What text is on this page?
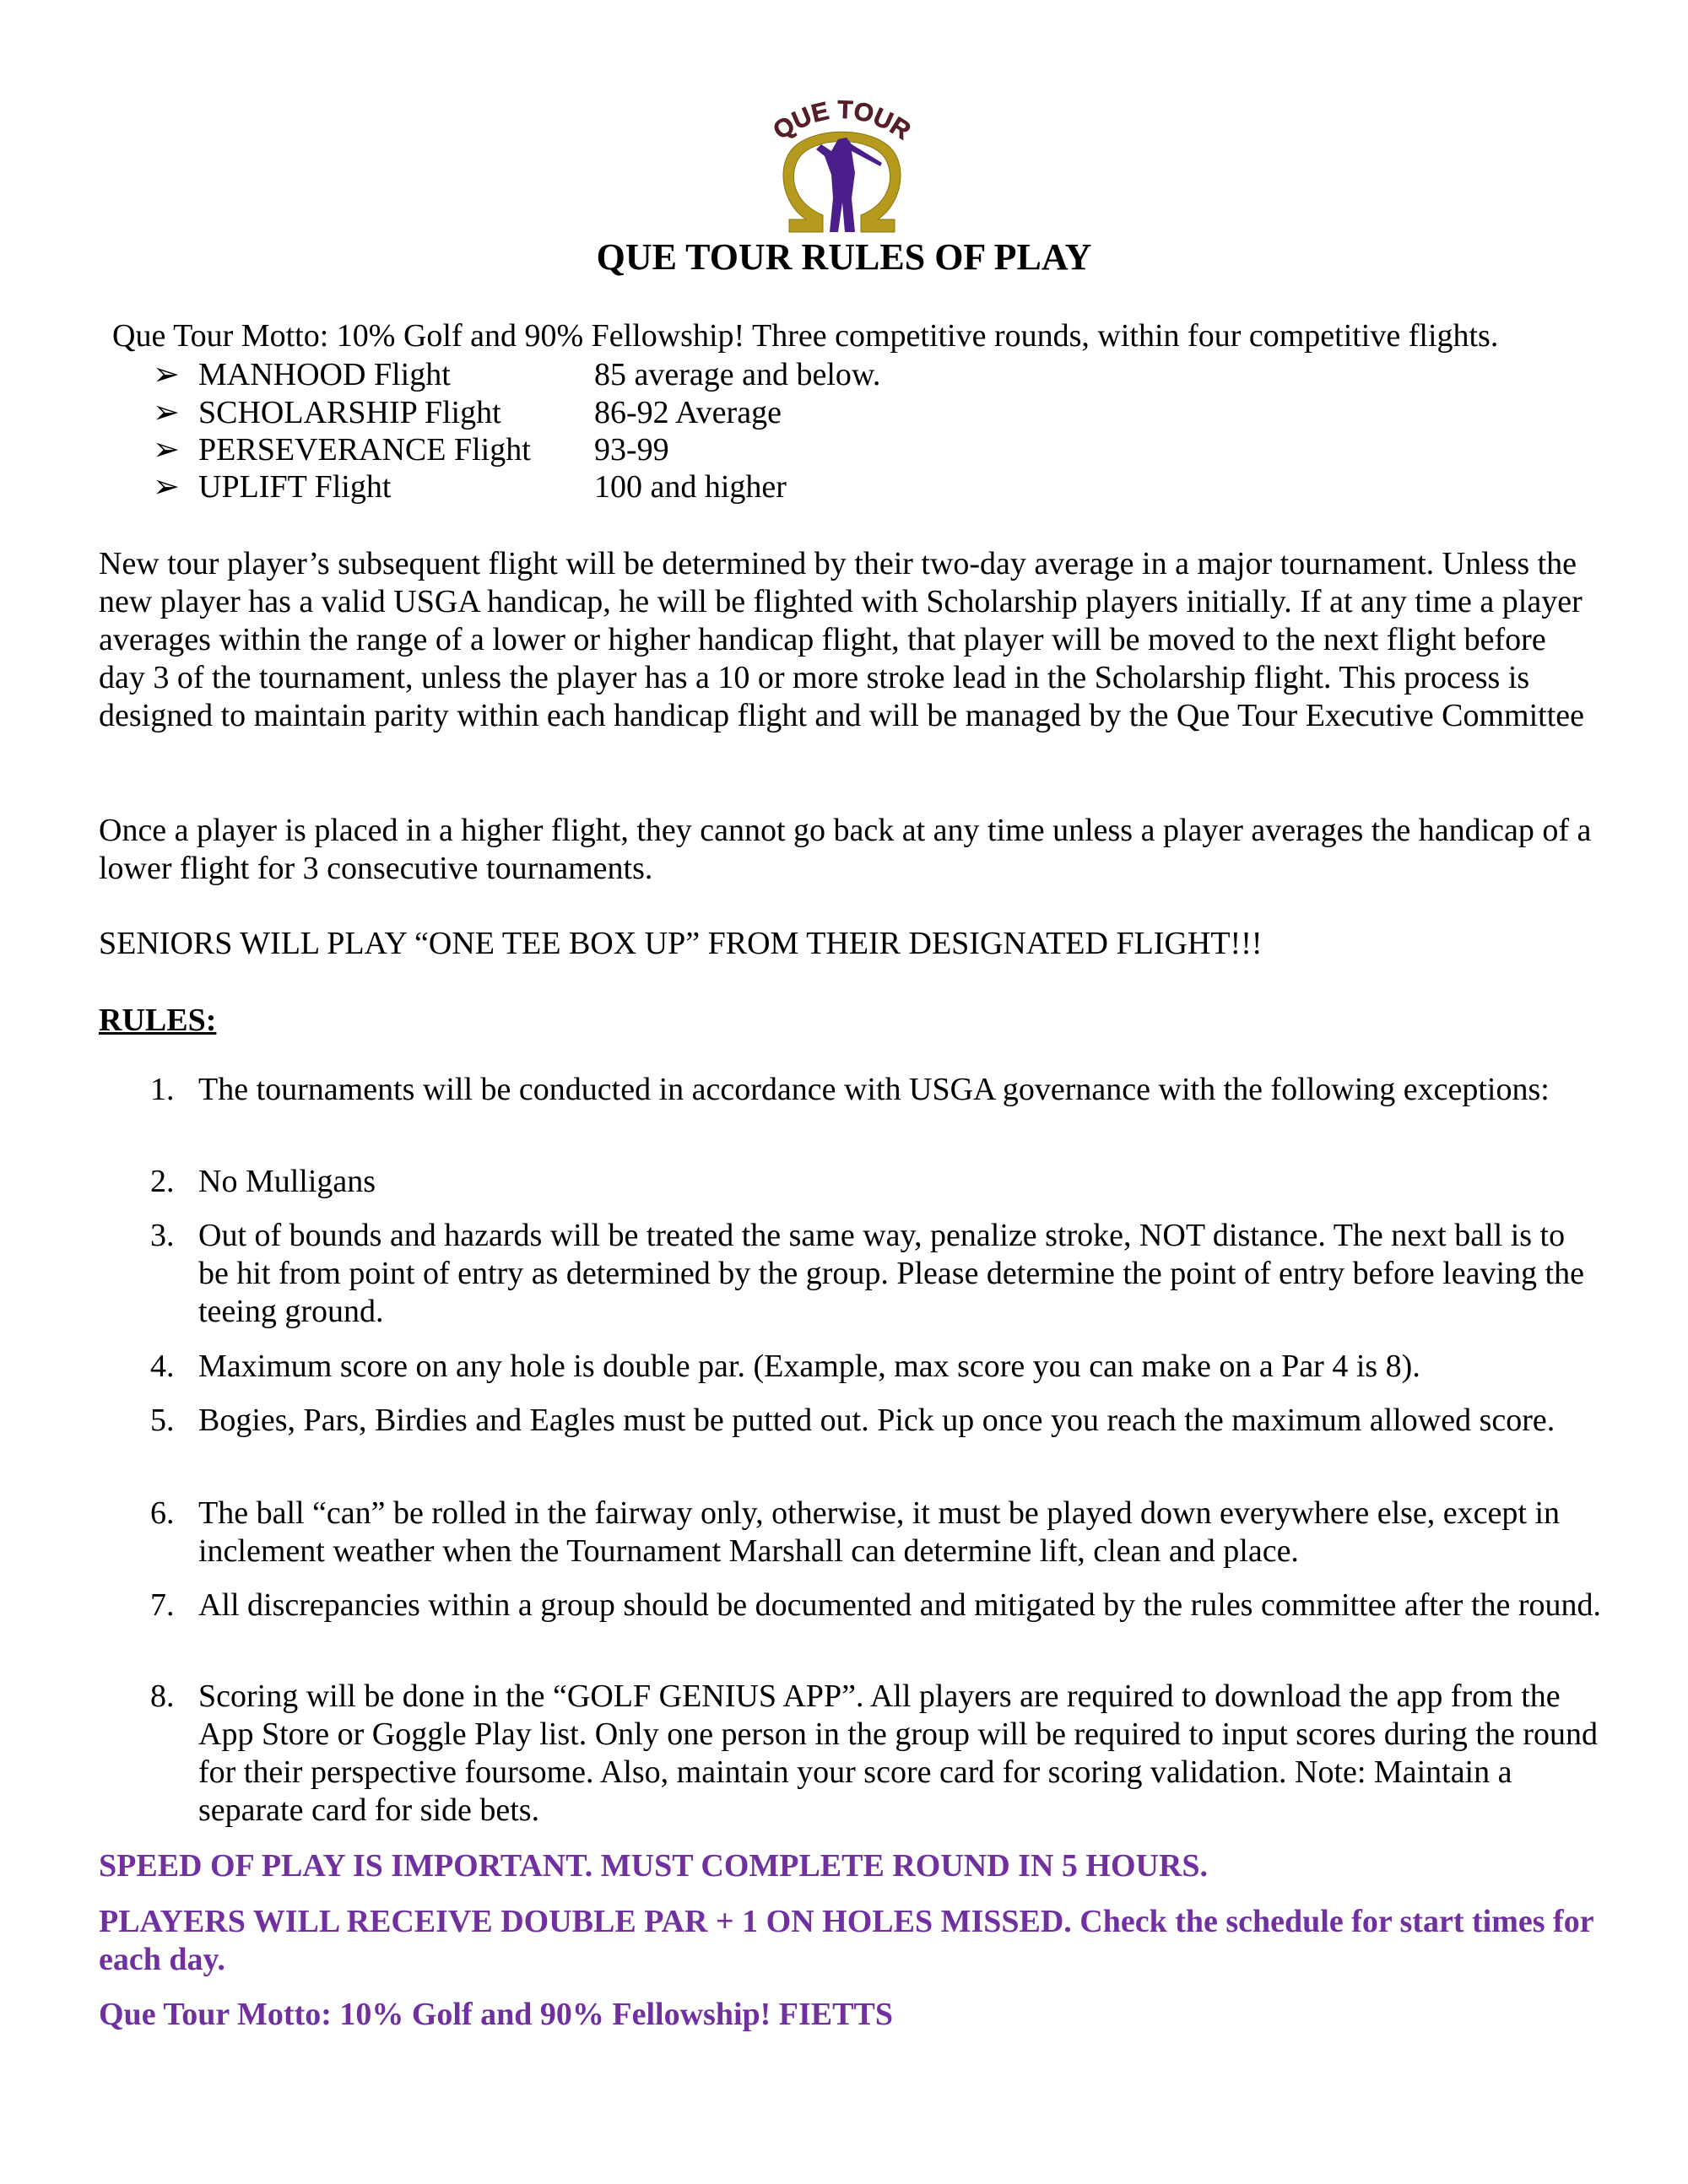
QUE TOUR
QUE TOUR RULES OF PLAY
Que Tour Motto: 10% Golf and 90% Fellowship! Three competitive rounds, within four competitive flights.
➢ MANHOOD Flight	85 average and below.
➢ SCHOLARSHIP Flight	86-92 Average
➢ PERSEVERANCE Flight 93-99
➢ UPLIFT Flight	100 and higher
New tour player’s subsequent flight will be determined by their two-day average in a major tournament. Unless the new player has a valid USGA handicap, he will be flighted with Scholarship players initially. If at any time a player averages within the range of a lower or higher handicap flight, that player will be moved to the next flight before day 3 of the tournament, unless the player has a 10 or more stroke lead in the Scholarship flight. This process is designed to maintain parity within each handicap flight and will be managed by the Que Tour Executive Committee
Once a player is placed in a higher flight, they cannot go back at any time unless a player averages the handicap of a lower flight for 3 consecutive tournaments.
SENIORS WILL PLAY “ONE TEE BOX UP” FROM THEIR DESIGNATED FLIGHT!!!
RULES:
1. The tournaments will be conducted in accordance with USGA governance with the following exceptions:
2. No Mulligans
3. Out of bounds and hazards will be treated the same way, penalize stroke, NOT distance. The next ball is to be hit from point of entry as determined by the group. Please determine the point of entry before leaving the teeing ground.
4. Maximum score on any hole is double par. (Example, max score you can make on a Par 4 is 8).
5. Bogies, Pars, Birdies and Eagles must be putted out. Pick up once you reach the maximum allowed score.
6. The ball “can” be rolled in the fairway only, otherwise, it must be played down everywhere else, except in inclement weather when the Tournament Marshall can determine lift, clean and place.
7. All discrepancies within a group should be documented and mitigated by the rules committee after the round.
8. Scoring will be done in the “GOLF GENIUS APP”. All players are required to download the app from the App Store or Goggle Play list. Only one person in the group will be required to input scores during the round for their perspective foursome. Also, maintain your score card for scoring validation. Note: Maintain a separate card for side bets.
SPEED OF PLAY IS IMPORTANT. MUST COMPLETE ROUND IN 5 HOURS.
PLAYERS WILL RECEIVE DOUBLE PAR + 1 ON HOLES MISSED. Check the schedule for start times for each day.
Que Tour Motto: 10% Golf and 90% Fellowship! FIETTS
